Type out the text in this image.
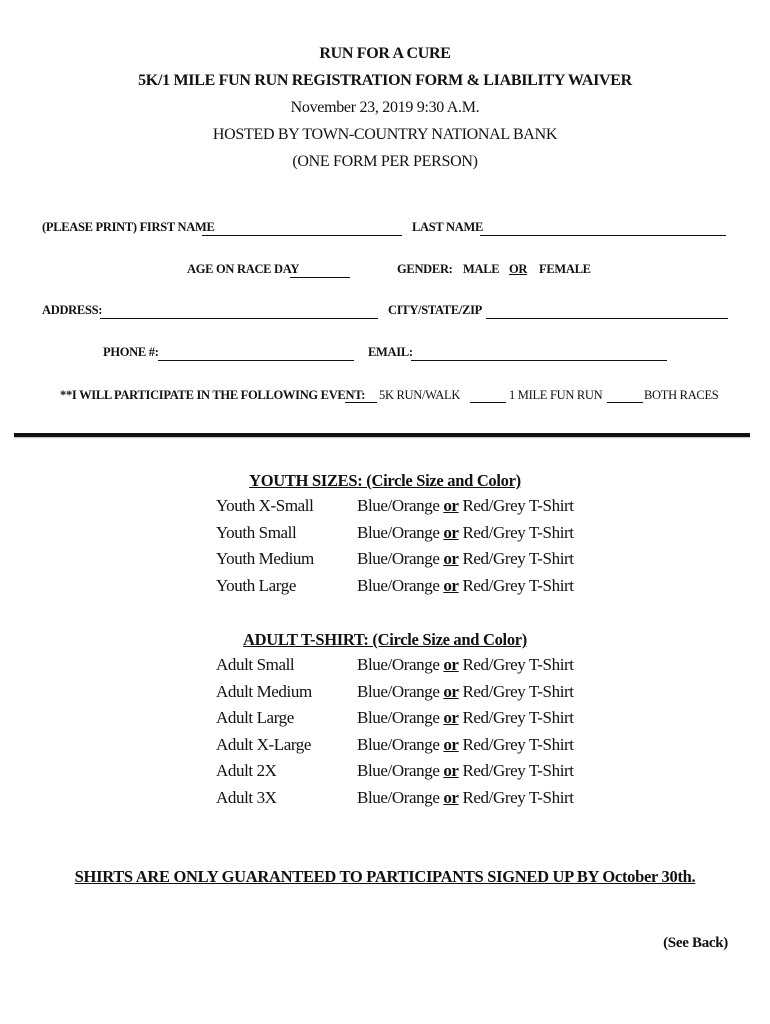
RUN FOR A CURE
5K/1 MILE FUN RUN REGISTRATION FORM & LIABILITY WAIVER
November 23, 2019 9:30 A.M.
HOSTED BY TOWN-COUNTRY NATIONAL BANK
(ONE FORM PER PERSON)
(PLEASE PRINT) FIRST NAME	LAST NAME
AGE ON RACE DAY	GENDER: MALE OR FEMALE
ADDRESS:	CITY/STATE/ZIP
PHONE #:	EMAIL:
**I WILL PARTICIPATE IN THE FOLLOWING EVENT: 5K RUN/WALK	1 MILE FUN RUN	BOTH RACES
YOUTH SIZES: (Circle Size and Color)
Youth X-Small	Blue/Orange or Red/Grey T-Shirt
Youth Small	Blue/Orange or Red/Grey T-Shirt
Youth Medium	Blue/Orange or Red/Grey T-Shirt
Youth Large	Blue/Orange or Red/Grey T-Shirt
ADULT T-SHIRT: (Circle Size and Color)
Adult Small	Blue/Orange or Red/Grey T-Shirt
Adult Medium	Blue/Orange or Red/Grey T-Shirt
Adult Large	Blue/Orange or Red/Grey T-Shirt
Adult X-Large	Blue/Orange or Red/Grey T-Shirt
Adult 2X	Blue/Orange or Red/Grey T-Shirt
Adult 3X	Blue/Orange or Red/Grey T-Shirt
SHIRTS ARE ONLY GUARANTEED TO PARTICIPANTS SIGNED UP BY October 30th.
(See Back)
